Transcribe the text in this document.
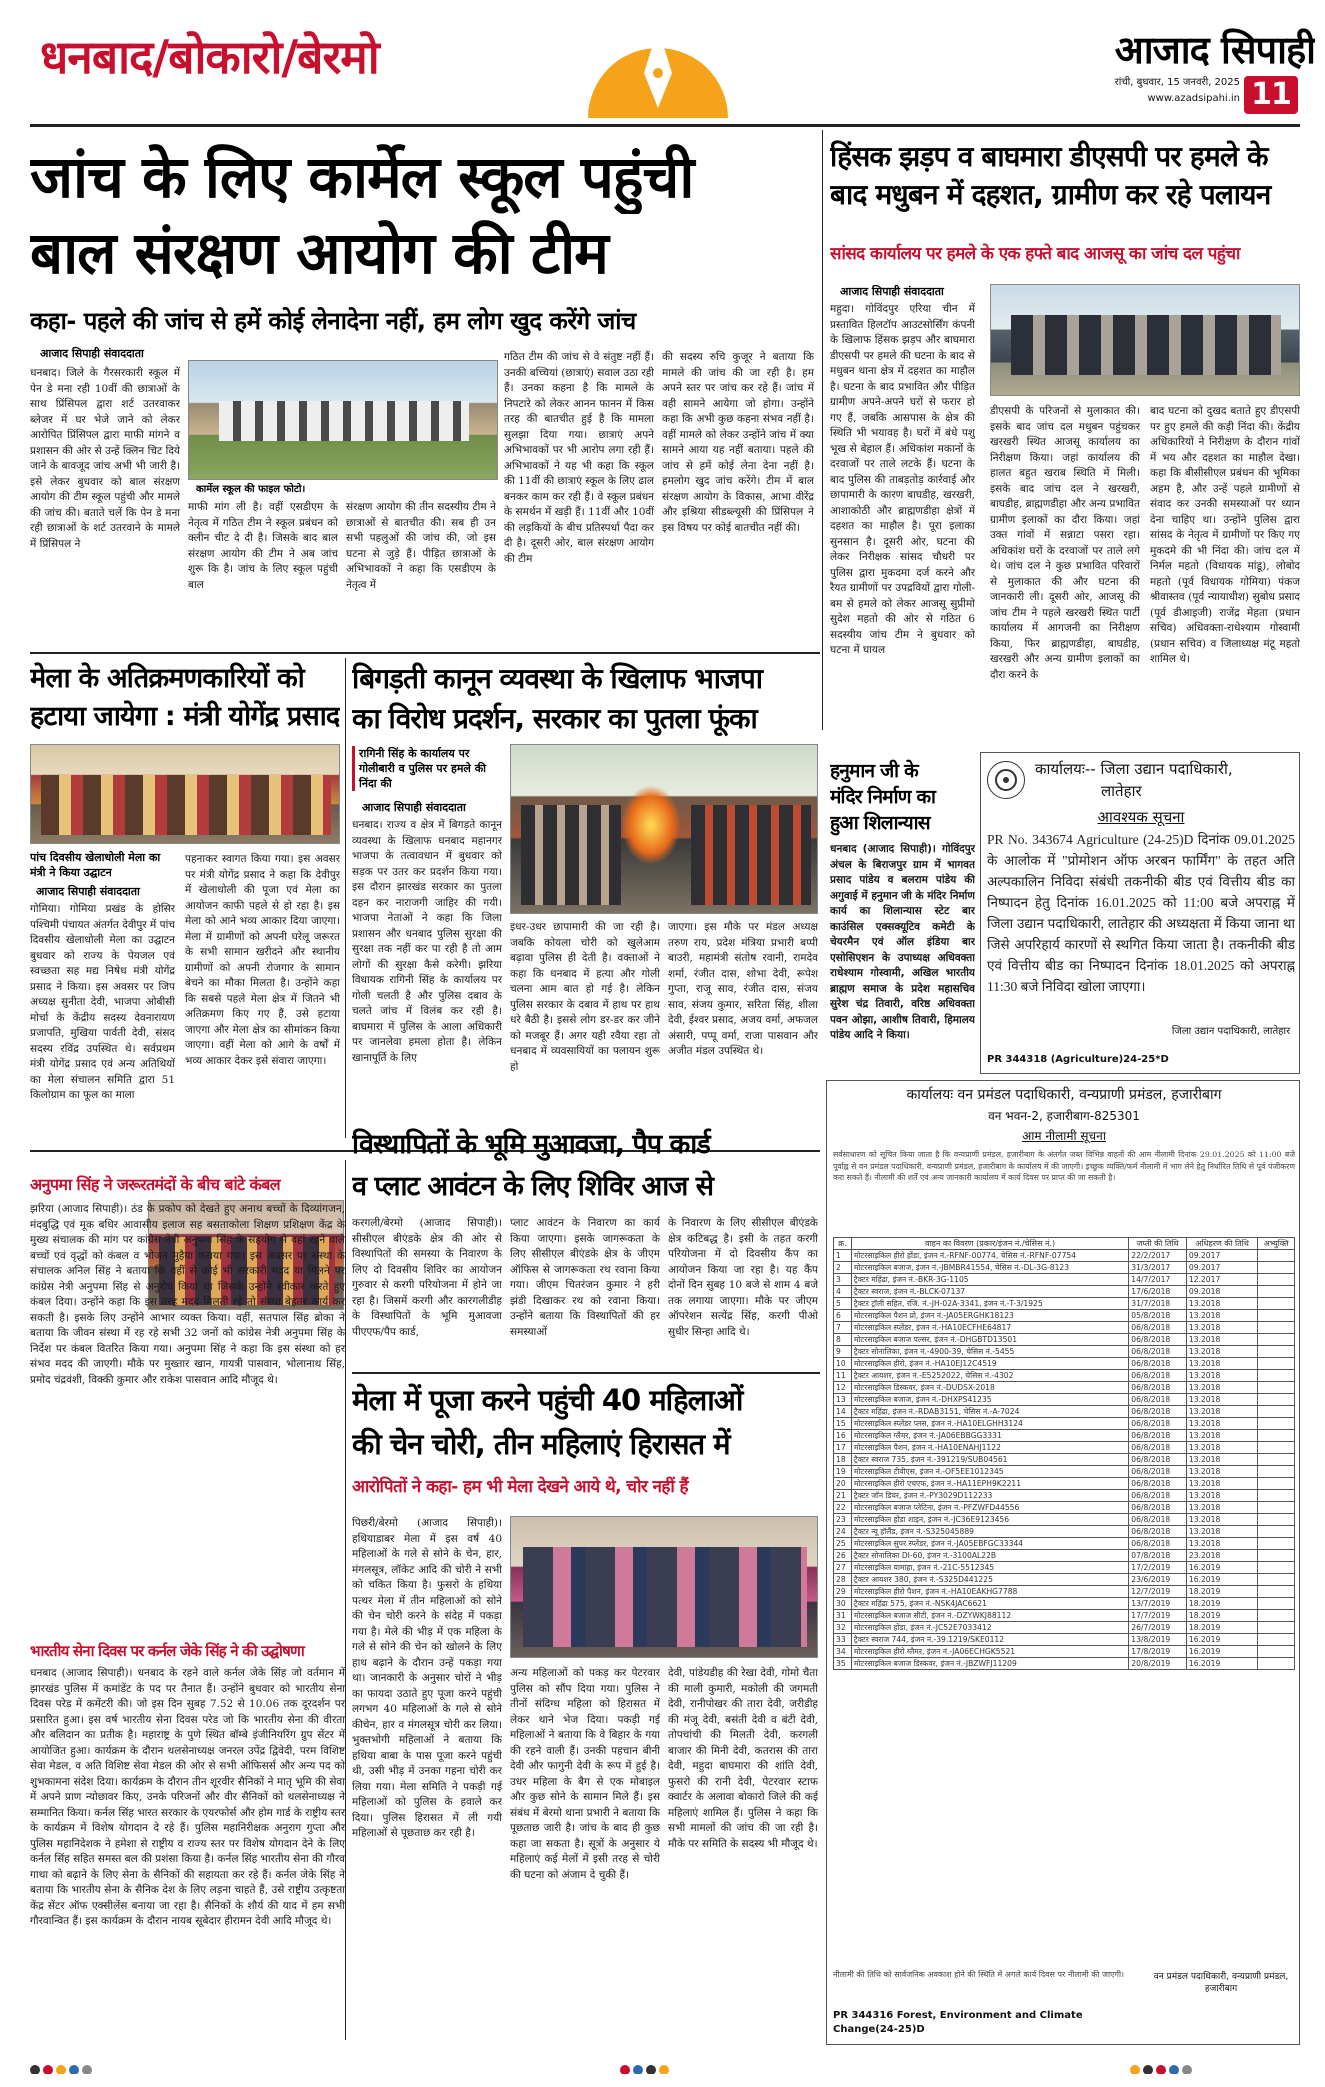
धनबाद/बोकारो/बेरमो	आजाद सिपाही
रांची, बुधवार, 15 जनवरी, 2025
www.azadsipahi.in 11
जांच के लिए कार्मेल स्कूल पहुंची
बाल संरक्षण आयोग की टीम
कहा- पहले की जांच से हमें कोई लेनादेना नहीं, हम लोग खुद करेंगे जांच
आजाद सिपाही संवाददाता
धनबाद। जिले के गैरसरकारी स्कूल में पेन डे मना रही 10वीं की छात्राओं के साथ प्रिंसिपल द्वारा शर्ट उतरवाकर ब्लेजर में घर भेजे जाने को लेकर आरोपित प्रिंसिपल द्वारा माफी मांगने व प्रशासन की ओर से उन्हें क्लिन चिट दिये जाने के बावजूद जांच अभी भी जारी है। इसे लेकर बुधवार को बाल संरक्षण आयोग की टीम स्कूल पहुंची और मामले की जांच की। बताते चलें कि पेन डे मना रही छात्राओं के शर्ट उतरवाने के मामले में प्रिंसिपल ने
कार्मेल स्कूल की फाइल फोटो।
माफी मांग ली है। वहीं एसडीएम के नेतृत्व में गठित टीम ने स्कूल प्रबंधन को क्लीन चीट दे दी है। जिसके बाद बाल संरक्षण आयोग की टीम ने अब जांच शुरू कि है। जांच के लिए स्कूल पहुंची बाल
संरक्षण आयोग की तीन सदस्यीय टीम ने छात्राओं से बातचीत की। सब ही उन सभी पहलुओं की जांच की, जो इस घटना से जुड़े हैं। पीड़ित छात्राओं के अभिभावकों ने कहा कि एसडीएम के नेतृत्व में
गठित टीम की जांच से वे संतुष्ट नहीं हैं। उनकी बच्चियां (छात्राएं) सवाल उठा रही हैं। उनका कहना है कि मामले के निपटारे को लेकर आनन फानन में किस तरह की बातचीत हुई है कि मामला सुलझा दिया गया। छात्राएं अपने अभिभावकों पर भी आरोप लगा रही हैं। अभिभावकों ने यह भी कहा कि स्कूल की 11वीं की छात्राएं स्कूल के लिए ढाल बनकर काम कर रही हैं। वे स्कूल प्रबंधन के समर्थन में खड़ी हैं। 11वीं और 10वीं की लड़कियों के बीच प्रतिस्पर्धा पैदा कर दी है। दूसरी ओर, बाल संरक्षण आयोग की टीम
की सदस्य रुचि कुजूर ने बताया कि मामले की जांच की जा रही है। हम अपने स्तर पर जांच कर रहे हैं। जांच में वही सामने आयेगा जो होगा। उन्होंने कहा कि अभी कुछ कहना संभव नहीं है। वहीं मामले को लेकर उन्होंने जांच में क्या सामने आया यह नहीं बताया। पहले की जांच से हमें कोई लेना देना नहीं है। हमलोग खुद जांच करेंगे। टीम में बाल संरक्षण आयोग के विकास, आभा वीरेंद्र और इश्रिया सीडब्ल्यूसी की प्रिंसिपल ने इस विषय पर कोई बातचीत नहीं की।
हिंसक झड़प व बाघमारा डीएसपी पर हमले के
बाद मधुबन में दहशत, ग्रामीण कर रहे पलायन
सांसद कार्यालय पर हमले के एक हफ्ते बाद आजसू का जांच दल पहुंचा
आजाद सिपाही संवाददाता
महुदा। गोविंदपुर एरिया चीन में प्रस्तावित हिलटॉप आउटसोर्सिंग कंपनी के खिलाफ हिंसक झड़प और बाघमारा डीएसपी पर हमले की घटना के बाद से मधुबन थाना क्षेत्र में दहशत का माहौल है। घटना के बाद प्रभावित और पीड़ित ग्रामीण अपने-अपने घरों से फरार हो गए हैं, जबकि आसपास के क्षेत्र की स्थिति भी भयावह है। घरों में बंधे पशु भूख से बेहाल हैं। अधिकांश मकानों के दरवाजों पर ताले लटके हैं। घटना के बाद पुलिस की ताबड़तोड़ कार्रवाई और छापामारी के कारण बाघडीह, खरखरी, आशाकोठी और ब्राह्मणडीहा क्षेत्रों में दहशत का माहौल है। पूरा इलाका सुनसान है। दूसरी ओर, घटना की लेकर निरीक्षक सांसद चौधरी पर पुलिस द्वारा मुकदमा दर्ज करने और रैयत ग्रामीणों पर उपद्रवियों द्वारा गोली-बम से हमले को लेकर आजसू सुप्रीमो सुदेश महतो की ओर से गठित 6 सदस्यीय जांच टीम ने बुधवार को घटना में घायल
डीएसपी के परिजनों से मुलाकात की। इसके बाद जांच दल मधुबन पहुंचकर खरखरी स्थित आजसू कार्यालय का निरीक्षण किया। जहां कार्यालय की हालत बहुत खराब स्थिति में मिली। इसके बाद जांच दल ने खरखरी, बाघडीह, ब्राह्मणडीहा और अन्य प्रभावित ग्रामीण इलाकों का दौरा किया। जहां उक्त गांवों में सन्नाटा पसरा रहा। अधिकांश घरों के दरवाजों पर ताले लगे थे। जांच दल ने कुछ प्रभावित परिवारों से मुलाकात की और घटना की जानकारी ली। दूसरी ओर, आजसू की जांच टीम ने पहले खरखरी स्थित पार्टी कार्यालय में आगजनी का निरीक्षण किया, फिर ब्राह्मणडीहा, बाघडीह, खरखरी और अन्य ग्रामीण इलाकों का दौरा करने के
बाद घटना को दुखद बताते हुए डीएसपी पर हुए हमले की कड़ी निंदा की। केंद्रीय अधिकारियों ने निरीक्षण के दौरान गांवों में भय और दहशत का माहौल देखा। कहा कि बीसीसीएल प्रबंधन की भूमिका अहम है, और उन्हें पहले ग्रामीणों से संवाद कर उनकी समस्याओं पर ध्यान देना चाहिए था। उन्होंने पुलिस द्वारा सांसद के नेतृत्व में ग्रामीणों पर किए गए मुकदमे की भी निंदा की। जांच दल में निर्मल महतो (विधायक मांडू), लोबोद महतो (पूर्व विधायक गोमिया) पंकज श्रीवास्तव (पूर्व न्यायाधीश) सुबोध प्रसाद (पूर्व डीआइजी) राजेंद्र मेहता (प्रधान सचिव) अधिवक्ता-राधेश्याम गोस्वामी (प्रधान सचिव) व जिलाध्यक्ष मंटू महतो शामिल थे।
मेला के अतिक्रमणकारियों को
हटाया जायेगा : मंत्री योगेंद्र प्रसाद
पांच दिवसीय खेलाधोली मेला का मंत्री ने किया उद्घाटन
आजाद सिपाही संवाददाता
गोमिया। गोमिया प्रखंड के होसिर पश्चिमी पंचायत अंतर्गत देवीपुर में पांच दिवसीय खेलाधोली मेला का उद्घाटन बुधवार को राज्य के पेयजल एवं स्वच्छता सह मद्य निषेध मंत्री योगेंद्र प्रसाद ने किया। इस अवसर पर जिप अध्यक्ष सुनीता देवी, भाजपा ओबीसी मोर्चा के केंद्रीय सदस्य देवनारायण प्रजापति, मुखिया पार्वती देवी, संसद सदस्य रविंद्र उपस्थित थे। सर्वप्रथम मंत्री योगेंद्र प्रसाद एवं अन्य अतिथियों का मेला संचालन समिति द्वारा 51 किलोग्राम का फूल का माला
पहनाकर स्वागत किया गया। इस अवसर पर मंत्री योगेंद्र प्रसाद ने कहा कि देवीपुर में खेलाधोली की पूजा एवं मेला का आयोजन काफी पहले से हो रहा है। इस मेला को आने भव्य आकार दिया जाएगा। मेला में ग्रामीणों को अपनी घरेलू जरूरत के सभी सामान खरीदने और स्थानीय ग्रामीणों को अपनी रोजगार के सामान बेचने का मौका मिलता है। उन्होंने कहा कि सबसे पहले मेला क्षेत्र में जितने भी अतिक्रमण किए गए हैं, उसे हटाया जाएगा और मेला क्षेत्र का सीमांकन किया जाएगा। वहीं मेला को आगे के वर्षों में भव्य आकार देकर इसे संवारा जाएगा।
बिगड़ती कानून व्यवस्था के खिलाफ भाजपा
का विरोध प्रदर्शन, सरकार का पुतला फूंका
रागिनी सिंह के कार्यालय पर गोलीबारी व पुलिस पर हमले की निंदा की
आजाद सिपाही संवाददाता
धनबाद। राज्य व क्षेत्र में बिगड़ते कानून व्यवस्था के खिलाफ धनबाद महानगर भाजपा के तत्वावधान में बुधवार को सड़क पर उतर कर प्रदर्शन किया गया। इस दौरान झारखंड सरकार का पुतला दहन कर नाराजगी जाहिर की गयी। भाजपा नेताओं ने कहा कि जिला प्रशासन और धनबाद पुलिस सुरक्षा की सुरक्षा तक नहीं कर पा रही है तो आम लोगों की सुरक्षा कैसे करेगी। झरिया विधायक रागिनी सिंह के कार्यालय पर गोली चलती है और पुलिस दबाव के चलते जांच में विलंब कर रही है। बाघमारा में पुलिस के आला अधिकारी पर जानलेवा हमला होता है। लेकिन खानापूर्ति के लिए
इधर-उधर छापामारी की जा रही है। जबकि कोयला चोरी को खुलेआम बढ़ावा पुलिस ही देती है। वक्ताओं ने कहा कि धनबाद में हत्या और गोली चलना आम बात हो गई है। लेकिन पुलिस सरकार के दबाव में हाथ पर हाथ धरे बैठी है। इससे लोग डर-डर कर जीने को मजबूर हैं। अगर यही रवैया रहा तो धनबाद में व्यवसायियों का पलायन शुरू हो
जाएगा। इस मौके पर मंडल अध्यक्ष तरुण राय, प्रदेश मंत्रिया प्रभारी बप्पी बाउरी, महामंत्री संतोष रवानी, रामदेव शर्मा, रंजीत दास, शोभा देवी, रूपेश गुप्ता, राजू साव, रंजीत दास, संजय साव, संजय कुमार, सरिता सिंह, शीला देवी, ईश्वर प्रसाद, अजय वर्मा, अफजल अंसारी, पप्पू वर्मा, राजा पासवान और अजीत मंडल उपस्थित थे।
हनुमान जी के
मंदिर निर्माण का
हुआ शिलान्यास
धनबाद (आजाद सिपाही)। गोविंदपुर अंचल के बिराजपुर ग्राम में भागवत प्रसाद पांडेय व बलराम पांडेय की अगुवाई में हनुमान जी के मंदिर निर्माण कार्य का शिलान्यास स्टेट बार काउंसिल एक्सक्यूटिव कमेटी के चेयरमैन एवं ऑल इंडिया बार एसोसिएशन के उपाध्यक्ष अधिवक्ता राधेश्याम गोस्वामी, अखिल भारतीय ब्राह्मण समाज के प्रदेश महासचिव सुरेश चंद्र तिवारी, वरिष्ठ अधिवक्ता पवन ओझा, आशीष तिवारी, हिमालय पांडेय आदि ने किया।
कार्यालयः-- जिला उद्यान पदाधिकारी,
लातेहार
आवश्यक सूचना
PR No. 343674 Agriculture (24-25)D दिनांक 09.01.2025 के आलोक में "प्रोमोशन ऑफ अरबन फार्मिंग" के तहत अति अल्पकालिन निविदा संबंधी तकनीकी बीड एवं वित्तीय बीड का निष्पादन हेतु दिनांक 16.01.2025 को 11:00 बजे अपराह्न में जिला उद्यान पदाधिकारी, लातेहार की अध्यक्षता में किया जाना था जिसे अपरिहार्य कारणों से स्थगित किया जाता है। तकनीकी बीड एवं वित्तीय बीड का निष्पादन दिनांक 18.01.2025 को अपराह्न 11:30 बजे निविदा खोला जाएगा।
जिला उद्यान पदाधिकारी, लातेहार
PR 344318 (Agriculture)24-25*D
विस्थापितों के भूमि मुआवजा, पैप कार्ड
व प्लाट आवंटन के लिए शिविर आज से
करगली/बेरमो (आजाद सिपाही)। सीसीएल बीएंडके क्षेत्र की ओर से विस्थापितों की समस्या के निवारण के लिए दो दिवसीय शिविर का आयोजन गुरुवार से करगी परियोजना में होने जा रहा है। जिसमें करगी और कारगलीडीह के विस्थापितों के भूमि मुआवजा पीएएफ/पैप कार्ड,
प्लाट आवंटन के निवारण का कार्य किया जाएगा। इसके जागरूकता के लिए सीसीएल बीएंडके क्षेत्र के जीएम ऑफिस से जागरूकता रथ रवाना किया गया। जीएम चितरंजन कुमार ने हरी झंडी दिखाकर रथ को रवाना किया। उन्होंने बताया कि विस्थापितों की हर समस्याओं
के निवारण के लिए सीसीएल बीएंडके क्षेत्र कटिबद्ध है। इसी के तहत करगी परियोजना में दो दिवसीय कैंप का आयोजन किया जा रहा है। यह कैंप दोनों दिन सुबह 10 बजे से शाम 4 बजे तक लगाया जाएगा। मौके पर जीएम ऑपरेशन सत्येंद्र सिंह, करगी पीओ सुधीर सिन्हा आदि थे।
अनुपमा सिंह ने जरूरतमंदों के बीच बांटे कंबल
झरिया (आजाद सिपाही)। ठंड के प्रकोप को देखते हुए अनाथ बच्चों के दिव्यांगजन, मंदबुद्धि एवं मूक बधिर आवासीय इलाज सह बसताकोला शिक्षण प्रशिक्षण केंद्र के मुख्य संचालक की मांग पर कांग्रेस नेत्री अनुपमा सिंह के सहयोग से वहां रहने वाले बच्चों एवं वृद्धों को कंबल व भोजन मुहैया कराया गया। इस अवसर पर संस्था के संचालक अनिल सिंह ने बताया कि वहीं से कोई भी सरकारी मदद या मिलने पर कांग्रेस नेत्री अनुपमा सिंह से अनुरोध किया था जिसके उन्होंने स्वीकार करते हुए कंबल दिया। उन्होंने कहा कि इस तरह मदद मिलती रहे तो संस्था बेहतर कार्य कर सकती है। इसके लिए उन्होंने आभार व्यक्त किया। वहीं, सतपाल सिंह ब्रोका ने बताया कि जीवन संस्था में रह रहे सभी 32 जनों को कांग्रेस नेत्री अनुपमा सिंह के निर्देश पर कंबल वितरित किया गया। अनुपमा सिंह ने कहा कि इस संस्था को हर संभव मदद की जाएगी। मौके पर मुख्तार खान, गायत्री पासवान, भोलानाथ सिंह, प्रमोद चंद्रवंशी, विक्की कुमार और राकेश पासवान आदि मौजूद थे।
भारतीय सेना दिवस पर कर्नल जेके सिंह ने की उद्घोषणा
धनबाद (आजाद सिपाही)। धनबाद के रहने वाले कर्नल जेके सिंह जो वर्तमान में झारखंड पुलिस में कमांडेंट के पद पर तैनात हैं। उन्होंने बुधवार को भारतीय सेना दिवस परेड में कमेंटरी की। जो इस दिन सुबह 7.52 से 10.06 तक दूरदर्शन पर प्रसारित हुआ। इस वर्ष भारतीय सेना दिवस परेड जो कि भारतीय सेना की वीरता और बलिदान का प्रतीक है। महाराष्ट्र के पुणे स्थित बॉम्बे इंजीनियरिंग ग्रुप सेंटर में आयोजित हुआ। कार्यक्रम के दौरान थलसेनाध्यक्ष जनरल उपेंद्र द्विवेदी, परम विशिष्ट सेवा मेडल, व अति विशिष्ट सेवा मेडल की ओर से सभी ऑफिसर्स और अन्य पद को शुभकामना संदेश दिया। कार्यक्रम के दौरान तीन शूरवीर सैनिकों ने मातृ भूमि की सेवा में अपने प्राण न्योछावर किए, उनके परिजनों और वीर सैनिकों को थलसेनाध्यक्ष ने सम्मानित किया। कर्नल सिंह भारत सरकार के एयरफोर्स और होम गार्ड के राष्ट्रीय स्तर के कार्यक्रम में विशेष योगदान दे रहे हैं। पुलिस महानिरीक्षक अनुराग गुप्ता और पुलिस महानिदेशक ने हमेशा से राष्ट्रीय व राज्य स्तर पर विशेष योगदान देने के लिए कर्नल सिंह सहित समस्त बल की प्रशंसा किया है। कर्नल सिंह भारतीय सेना की गौरव गाथा को बढ़ाने के लिए सेना के सैनिकों की सहायता कर रहे हैं। कर्नल जेके सिंह ने बताया कि भारतीय सेना के सैनिक देश के लिए लड़ना चाहते हैं, उसे राष्ट्रीय उत्कृष्टता केंद्र सेंटर ऑफ एक्सीलेंस बनाया जा रहा है। सैनिकों के शौर्य की याद में हम सभी गौरवान्वित हैं। इस कार्यक्रम के दौरान नायब सूबेदार हीरामन देवी आदि मौजूद थे।
मेला में पूजा करने पहुंची 40 महिलाओं
की चेन चोरी, तीन महिलाएं हिरासत में
आरोपितों ने कहा- हम भी मेला देखने आये थे, चोर नहीं हैं
पिछरी/बेरमो (आजाद सिपाही)। हथियाडाबर मेला में इस वर्ष 40 महिलाओं के गले से सोने के चेन, हार, मंगलसूत्र, लॉकेट आदि की चोरी ने सभी को चकित किया है। फुसरो के हथिया पत्थर मेला में तीन महिलाओं को सोने की चेन चोरी करने के संदेह में पकड़ा गया है। मेले की भीड़ में एक महिला के गले से सोने की चेन को खोलने के लिए हाथ बढ़ाने के दौरान उन्हें पकड़ा गया था। जानकारी के अनुसार चोरों ने भीड़ का फायदा उठाते हुए पूजा करने पहुंची लगभग 40 महिलाओं के गले से सोने कीचेन, हार व मंगलसूत्र चोरी कर लिया। भुक्तभोगी महिलाओं ने बताया कि हथिया बाबा के पास पूजा करने पहुंची थी, उसी भीड़ में उनका गहना चोरी कर लिया गया। मेला समिति ने पकड़ी गई महिलाओं को पुलिस के हवाले कर दिया। पुलिस हिरासत में ली गयी महिलाओं से पूछताछ कर रही है।
अन्य महिलाओं को पकड़ कर पेटरवार पुलिस को सौंप दिया गया। पुलिस ने तीनों संदिग्ध महिला को हिरासत में लेकर थाने भेज दिया। पकड़ी गई महिलाओं ने बताया कि वे बिहार के गया की रहने वाली हैं। उनकी पहचान बीनी देवी और फागुनी देवी के रूप में हुई है। उधर महिला के बैग से एक मोबाइल और कुछ सोने के सामान मिले हैं। इस संबंध में बेरमो थाना प्रभारी ने बताया कि पूछताछ जारी है। जांच के बाद ही कुछ कहा जा सकता है। सूत्रों के अनुसार ये महिलाएं कई मेलों में इसी तरह से चोरी की घटना को अंजाम दे चुकी हैं।
देवी, पांडेयडीह की रेखा देवी, गोमो चैता की माली कुमारी, मकोली की जगमती देवी, रानीपोखर की तारा देवी, जरीडीह की मंजू देवी, बसंती देवी व बंटी देवी, तोपचांची की मिलती देवी, करगली बाजार की मिनी देवी, कतरास की तारा देवी, महुदा बाघमारा की शांति देवी, फुसरो की रानी देवी, पेटरवार स्टाफ क्वार्टर के अलावा बोकारो जिले की कई महिलाएं शामिल हैं। पुलिस ने कहा कि सभी मामलों की जांच की जा रही है। मौके पर समिति के सदस्य भी मौजूद थे।
कार्यालयः वन प्रमंडल पदाधिकारी, वन्यप्राणी प्रमंडल, हजारीबाग
वन भवन-2, हजारीबाग-825301
आम नीलामी सूचना
सर्वसाधारण को सूचित किया जाता है कि वन्यप्राणी प्रमंडल, हजारीबाग के अंतर्गत जब्त विभिन्न वाहनों की आम नीलामी दिनांक 29.01.2025 को 11:00 बजे पूर्वाह्न से वन प्रमंडल पदाधिकारी, वन्यप्राणी प्रमंडल, हजारीबाग के कार्यालय में की जाएगी। इच्छुक व्यक्ति/फर्म नीलामी में भाग लेने हेतु निर्धारित तिथि से पूर्व पंजीकरण करा सकते हैं। नीलामी की शर्तें एवं अन्य जानकारी कार्यालय में कार्य दिवस पर प्राप्त की जा सकती है।
क्र.	वाहन का विवरण (प्रकार/इंजन नं./चेसिस नं.)	जप्ती की तिथि	अधिहरण की तिथि	अभ्युक्ति
1	मोटरसाइकिल हीरो होंडा, इंजन नं.-RFNF-00774, चेसिस नं.-RFNF-07754	22/2/2017	09.2017	
2	मोटरसाइकिल बजाज, इंजन नं.-JBMBR41554, चेसिस नं.-DL-3G-8123	31/3/2017	09.2017	
3	ट्रैक्टर महिंद्रा, इंजन नं.-BKR-3G-1105	14/7/2017	12.2017	
4	ट्रैक्टर स्वराज, इंजन नं.-BLCK-07137	17/6/2018	09.2018	
5	ट्रैक्टर ट्रॉली सहित, रजि. नं.-JH-02A-3341, इंजन नं.-T-3/1925	31/7/2018	13.2018	
6	मोटरसाइकिल पैशन प्रो, इंजन नं.-JA05ERGHK18123	05/8/2018	13.2018	
7	मोटरसाइकिल स्प्लेंडर, इंजन नं.-HA10ECFHE64817	06/8/2018	13.2018	
8	मोटरसाइकिल बजाज पल्सर, इंजन नं.-DHGBTD13501	06/8/2018	13.2018	
9	ट्रैक्टर सोनालिका, इंजन नं.-4900-39, चेसिस नं.-5455	06/8/2018	13.2018	
10	मोटरसाइकिल हीरो, इंजन नं.-HA10EJ12C4519	06/8/2018	13.2018	
11	ट्रैक्टर आयशर, इंजन नं.-E5252022, चेसिस नं.-4302	06/8/2018	13.2018	
12	मोटरसाइकिल डिस्कवर, इंजन नं.-DUDSX-2018	06/8/2018	13.2018	
13	मोटरसाइकिल बजाज, इंजन नं.-DHXPS41235	06/8/2018	13.2018	
14	ट्रैक्टर महिंद्रा, इंजन नं.-RDAB3151, चेसिस नं.-A-7024	06/8/2018	13.2018	
15	मोटरसाइकिल स्प्लेंडर प्लस, इंजन नं.-HA10ELGHH3124	06/8/2018	13.2018	
16	मोटरसाइकिल ग्लैमर, इंजन नं.-JA06EBBGG3331	06/8/2018	13.2018	
17	मोटरसाइकिल पैशन, इंजन नं.-HA10ENAHJ1122	06/8/2018	13.2018	
18	ट्रैक्टर स्वराज 735, इंजन नं.-391219/SUB04561	06/8/2018	13.2018	
19	मोटरसाइकिल टीवीएस, इंजन नं.-OF5EE1012345	06/8/2018	13.2018	
20	मोटरसाइकिल हीरो एचएफ, इंजन नं.-HA11EPH9K2211	06/8/2018	13.2018	
21	ट्रैक्टर जॉन डियर, इंजन नं.-PY3029D112233	06/8/2018	13.2018	
22	मोटरसाइकिल बजाज प्लेटिना, इंजन नं.-PFZWFD44556	06/8/2018	13.2018	
23	मोटरसाइकिल होंडा शाइन, इंजन नं.-JC36E9123456	06/8/2018	13.2018	
24	ट्रैक्टर न्यू हॉलैंड, इंजन नं.-S325045889	06/8/2018	13.2018	
25	मोटरसाइकिल सुपर स्प्लेंडर, इंजन नं.-JA05EBFGC33344	06/8/2018	13.2018	
26	ट्रैक्टर सोनालिका DI-60, इंजन नं.-3100AL22B	07/8/2018	23.2018	
27	मोटरसाइकिल यामाहा, इंजन नं.-21C-5512345	17/2/2019	16.2019	
28	ट्रैक्टर आयशर 380, इंजन नं.-S325D441225	23/6/2019	16.2019	
29	मोटरसाइकिल हीरो पैशन, इंजन नं.-HA10EAKHG7788	12/7/2019	18.2019	
30	ट्रैक्टर महिंद्रा 575, इंजन नं.-NSK4JAC6621	13/7/2019	18.2019	
31	मोटरसाइकिल बजाज सीटी, इंजन नं.-DZYWKJ88112	17/7/2019	18.2019	
32	मोटरसाइकिल होंडा, इंजन नं.-JC52E7033412	26/7/2019	18.2019	
33	ट्रैक्टर स्वराज 744, इंजन नं.-39.1219/SKE0112	13/8/2019	16.2019	
34	मोटरसाइकिल हीरो ग्लैमर, इंजन नं.-JA06ECHGK5521	17/8/2019	16.2019	
35	मोटरसाइकिल बजाज डिस्कवर, इंजन नं.-JBZWFJ11209	20/8/2019	16.2019	
नीलामी की तिथि को सार्वजनिक अवकाश होने की स्थिति में अगले कार्य दिवस पर नीलामी की जाएगी।	वन प्रमंडल पदाधिकारी, वन्यप्राणी प्रमंडल, हजारीबाग
PR 344316 Forest, Environment and Climate Change(24-25)D
